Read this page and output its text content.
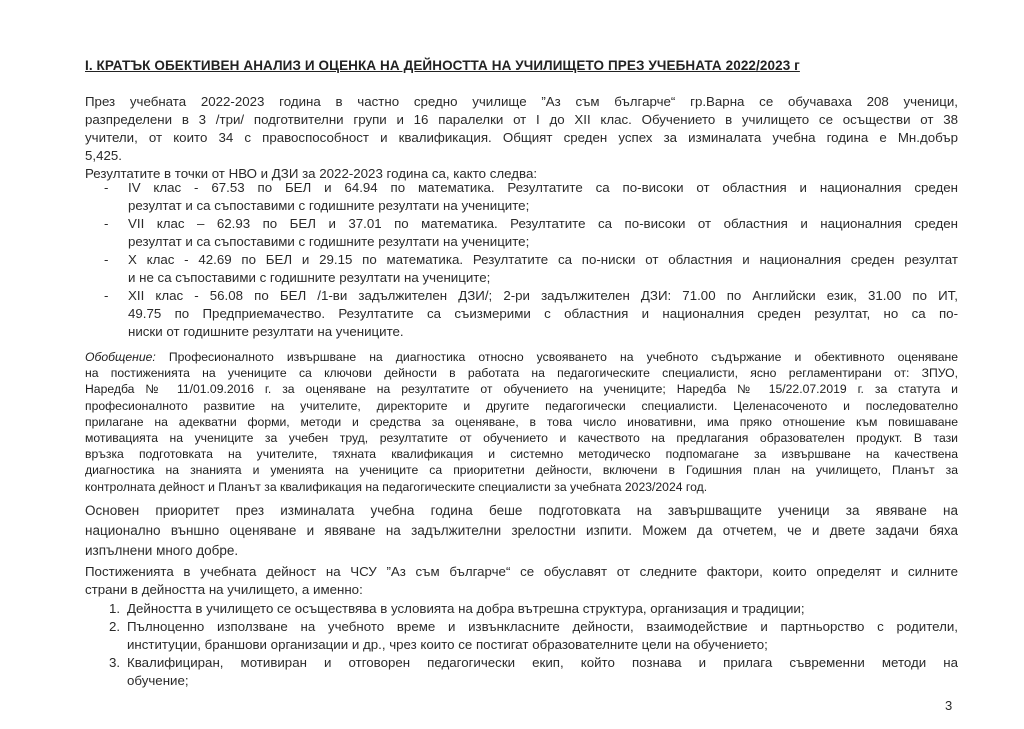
I. КРАТЪК ОБЕКТИВЕН АНАЛИЗ И ОЦЕНКА НА ДЕЙНОСТТА НА УЧИЛИЩЕТО ПРЕЗ УЧЕБНАТА 2022/2023 г
През учебната 2022-2023 година в частно средно училище ”Аз съм българче“ гр.Варна се обучаваха 208 ученици,
разпределени в 3 /три/ подготвителни групи и 16 паралелки от I до XII клас. Обучението в училището се осъществи от 38
учители, от които 34 с правоспособност и квалификация. Общият среден успех за изминалата учебна година е Мн.добър
5,425.
Резултатите в точки от НВО и ДЗИ за 2022-2023 година са, както следва:
- IV клас - 67.53 по БЕЛ и 64.94 по математика. Резултатите са по-високи от областния и националния среден
резултат и са съпоставими с годишните резултати на учениците;
- VII клас – 62.93 по БЕЛ и 37.01 по математика. Резултатите са по-високи от областния и националния среден
резултат и са съпоставими с годишните резултати на учениците;
- X клас - 42.69 по БЕЛ и 29.15 по математика. Резултатите са по-ниски от областния и националния среден резултат
и не са съпоставими с годишните резултати на учениците;
- XII клас - 56.08 по БЕЛ /1-ви задължителен ДЗИ/; 2-ри задължителен ДЗИ: 71.00 по Английски език, 31.00 по ИТ,
49.75 по Предприемачество. Резултатите са съизмерими с областния и националния среден резултат, но са по-
ниски от годишните резултати на учениците.
Обобщение: Професионалното извършване на диагностика относно усвояването на учебното съдържание и обективното оценяване
на постиженията на учениците са ключови дейности в работата на педагогическите специалисти, ясно регламентирани от: ЗПУО,
Наредба № 11/01.09.2016 г. за оценяване на резултатите от обучението на учениците; Наредба № 15/22.07.2019 г. за статута и
професионалното развитие на учителите, директорите и другите педагогически специалисти. Целенасоченото и последователно
прилагане на адекватни форми, методи и средства за оценяване, в това число иновативни, има пряко отношение към повишаване
мотивацията на учениците за учебен труд, резултатите от обучението и качеството на предлагания образователен продукт. В тази
връзка подготовката на учителите, тяхната квалификация и системно методическо подпомагане за извършване на качествена
диагностика на знанията и уменията на учениците са приоритетни дейности, включени в Годишния план на училището, Планът за
контролната дейност и Планът за квалификация на педагогическите специалисти за учебната 2023/2024 год.
Основен приоритет през изминалата учебна година беше подготовката на завършващите ученици за явяване на
национално външно оценяване и явяване на задължителни зрелостни изпити. Можем да отчетем, че и двете задачи бяха
изпълнени много добре.
Постиженията в учебната дейност на ЧСУ ”Аз съм българче“ се обуславят от следните фактори, които определят и силните
страни в дейността на училището, а именно:
1. Дейността в училището се осъществява в условията на добра вътрешна структура, организация и традиции;
2. Пълноценно използване на учебното време и извънкласните дейности, взаимодействие и партньорство с родители,
институции, браншови организации и др., чрез които се постигат образователните цели на обучението;
3. Квалифициран, мотивиран и отговорен педагогически екип, който познава и прилага съвременни методи на
обучение;
3
